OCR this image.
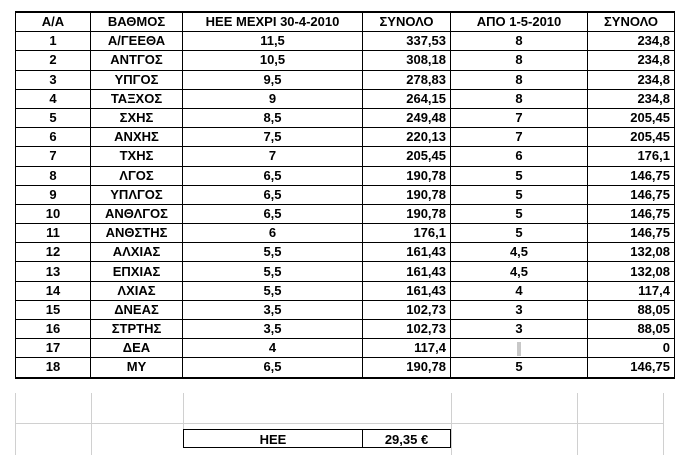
Α/Α	ΒΑΘΜΟΣ	ΗΕΕ ΜΕΧΡΙ 30-4-2010	ΣΥΝΟΛΟ	ΑΠΟ 1-5-2010	ΣΥΝΟΛΟ
1	Α/ΓΕΕΘΑ	11,5	337,53	8	234,8
2	ΑΝΤΓΟΣ	10,5	308,18	8	234,8
3	ΥΠΓΟΣ	9,5	278,83	8	234,8
4	ΤΑΞΧΟΣ	9	264,15	8	234,8
5	ΣΧΗΣ	8,5	249,48	7	205,45
6	ΑΝΧΗΣ	7,5	220,13	7	205,45
7	ΤΧΗΣ	7	205,45	6	176,1
8	ΛΓΟΣ	6,5	190,78	5	146,75
9	ΥΠΛΓΟΣ	6,5	190,78	5	146,75
10	ΑΝΘΛΓΟΣ	6,5	190,78	5	146,75
11	ΑΝΘΣΤΗΣ	6	176,1	5	146,75
12	ΑΛΧΙΑΣ	5,5	161,43	4,5	132,08
13	ΕΠΧΙΑΣ	5,5	161,43	4,5	132,08
14	ΛΧΙΑΣ	5,5	161,43	4	117,4
15	ΔΝΕΑΣ	3,5	102,73	3	88,05
16	ΣΤΡΤΗΣ	3,5	102,73	3	88,05
17	ΔΕΑ	4	117,4		0
18	ΜΥ	6,5	190,78	5	146,75
ΗΕΕ	29,35 €
